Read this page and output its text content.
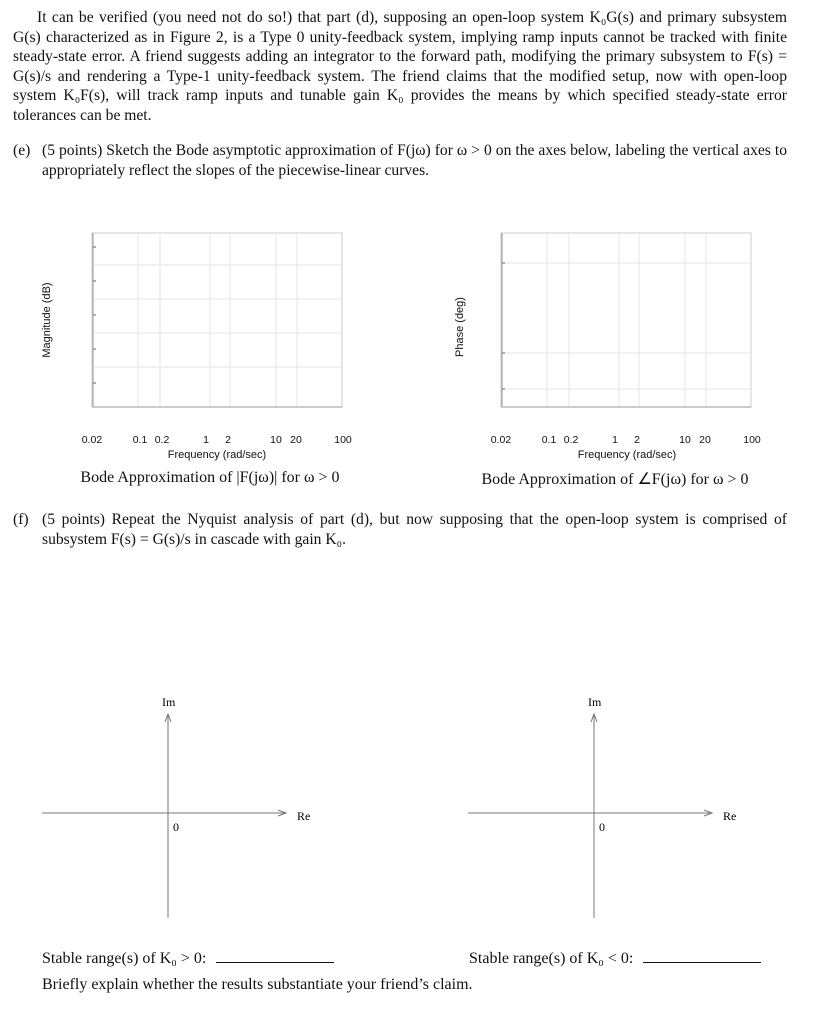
It can be verified (you need not do so!) that part (d), supposing an open-loop system K₀G(s) and primary subsystem G(s) characterized as in Figure 2, is a Type 0 unity-feedback system, implying ramp inputs cannot be tracked with finite steady-state error. A friend suggests adding an integrator to the forward path, modifying the primary subsystem to F(s) = G(s)/s and rendering a Type-1 unity-feedback system. The friend claims that the modified setup, now with open-loop system K₀F(s), will track ramp inputs and tunable gain K₀ provides the means by which specified steady-state error tolerances can be met.
(e) (5 points) Sketch the Bode asymptotic approximation of F(jω) for ω > 0 on the axes below, labeling the vertical axes to appropriately reflect the slopes of the piecewise-linear curves.
0.02	0.1 0.2	1 2	10 20	100
Magnitude (dB)
Frequency (rad/sec)
Bode Approximation of |F(jω)| for ω > 0
0.02	0.1 0.2	1 2	10 20	100
Phase (deg)
Frequency (rad/sec)
Bode Approximation of ∠F(jω) for ω > 0
(f) (5 points) Repeat the Nyquist analysis of part (d), but now supposing that the open-loop system is comprised of subsystem F(s) = G(s)/s in cascade with gain K₀.
Im
Re
0
Im
Re
0
Stable range(s) of K₀ > 0:	Stable range(s) of K₀ < 0:
Briefly explain whether the results substantiate your friend’s claim.
